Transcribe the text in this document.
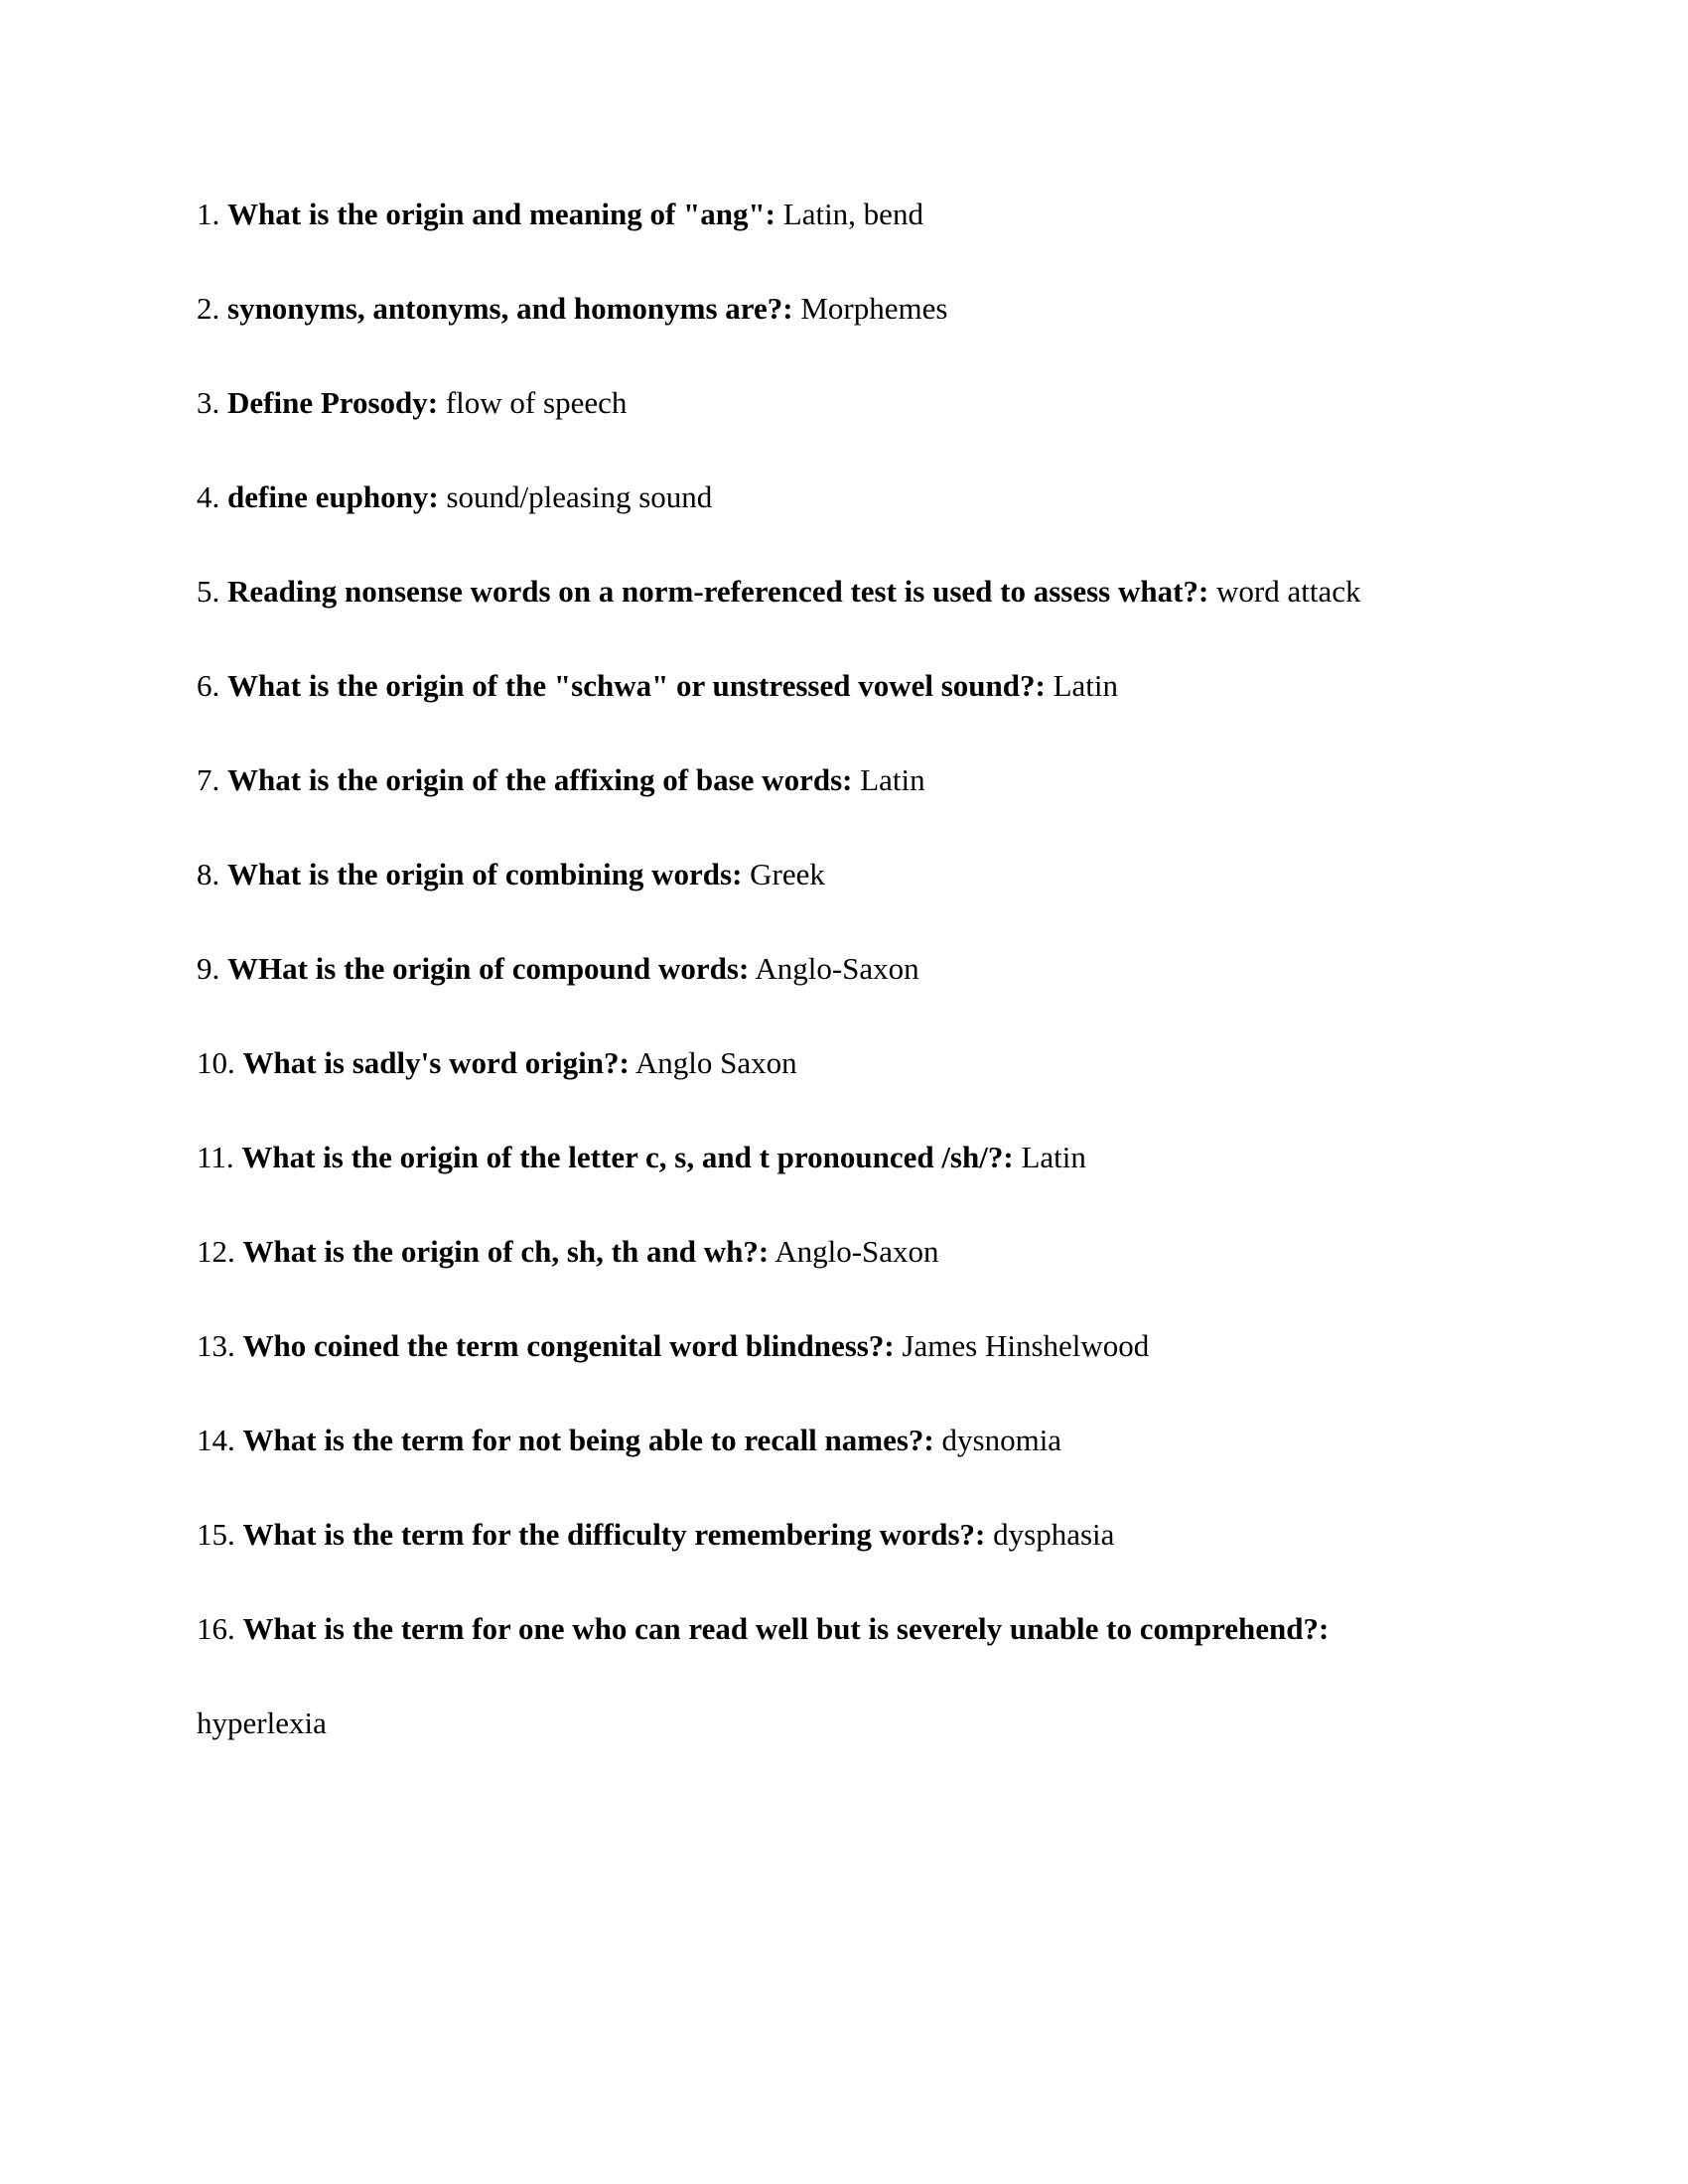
1. What is the origin and meaning of "ang": Latin, bend
2. synonyms, antonyms, and homonyms are?: Morphemes
3. Define Prosody: flow of speech
4. define euphony: sound/pleasing sound
5. Reading nonsense words on a norm-referenced test is used to assess what?: word attack
6. What is the origin of the "schwa" or unstressed vowel sound?: Latin
7. What is the origin of the affixing of base words: Latin
8. What is the origin of combining words: Greek
9. WHat is the origin of compound words: Anglo-Saxon
10. What is sadly's word origin?: Anglo Saxon
11. What is the origin of the letter c, s, and t pronounced /sh/?: Latin
12. What is the origin of ch, sh, th and wh?: Anglo-Saxon
13. Who coined the term congenital word blindness?: James Hinshelwood
14. What is the term for not being able to recall names?: dysnomia
15. What is the term for the difficulty remembering words?: dysphasia
16. What is the term for one who can read well but is severely unable to comprehend?:
hyperlexia
